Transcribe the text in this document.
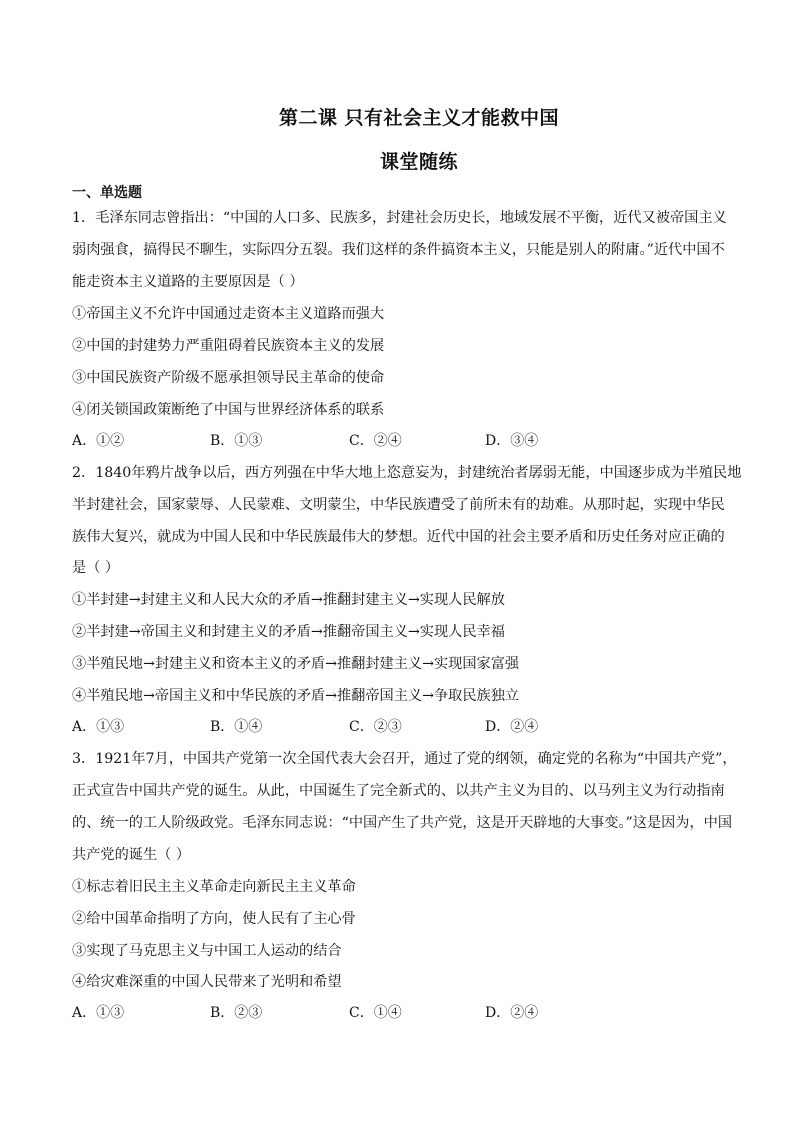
第二课 只有社会主义才能救中国
课堂随练
一、单选题
1．毛泽东同志曾指出：“中国的人口多、民族多，封建社会历史长，地域发展不平衡，近代又被帝国主义
弱肉强食，搞得民不聊生，实际四分五裂。我们这样的条件搞资本主义，只能是别人的附庸。”近代中国不
能走资本主义道路的主要原因是（ ）
①帝国主义不允许中国通过走资本主义道路而强大
②中国的封建势力严重阻碍着民族资本主义的发展
③中国民族资产阶级不愿承担领导民主革命的使命
④闭关锁国政策断绝了中国与世界经济体系的联系
A．①②	B．①③	C．②④	D．③④
2．1840年鸦片战争以后，西方列强在中华大地上恣意妄为，封建统治者孱弱无能，中国逐步成为半殖民地
半封建社会，国家蒙辱、人民蒙难、文明蒙尘，中华民族遭受了前所未有的劫难。从那时起，实现中华民
族伟大复兴，就成为中国人民和中华民族最伟大的梦想。近代中国的社会主要矛盾和历史任务对应正确的
是（ ）
①半封建→封建主义和人民大众的矛盾→推翻封建主义→实现人民解放
②半封建→帝国主义和封建主义的矛盾→推翻帝国主义→实现人民幸福
③半殖民地→封建主义和资本主义的矛盾→推翻封建主义→实现国家富强
④半殖民地→帝国主义和中华民族的矛盾→推翻帝国主义→争取民族独立
A．①③	B．①④	C．②③	D．②④
3．1921年7月，中国共产党第一次全国代表大会召开，通过了党的纲领，确定党的名称为“中国共产党”，
正式宣告中国共产党的诞生。从此，中国诞生了完全新式的、以共产主义为目的、以马列主义为行动指南
的、统一的工人阶级政党。毛泽东同志说：“中国产生了共产党，这是开天辟地的大事变。”这是因为，中国
共产党的诞生（ ）
①标志着旧民主主义革命走向新民主主义革命
②给中国革命指明了方向，使人民有了主心骨
③实现了马克思主义与中国工人运动的结合
④给灾难深重的中国人民带来了光明和希望
A．①③	B．②③	C．①④	D．②④
